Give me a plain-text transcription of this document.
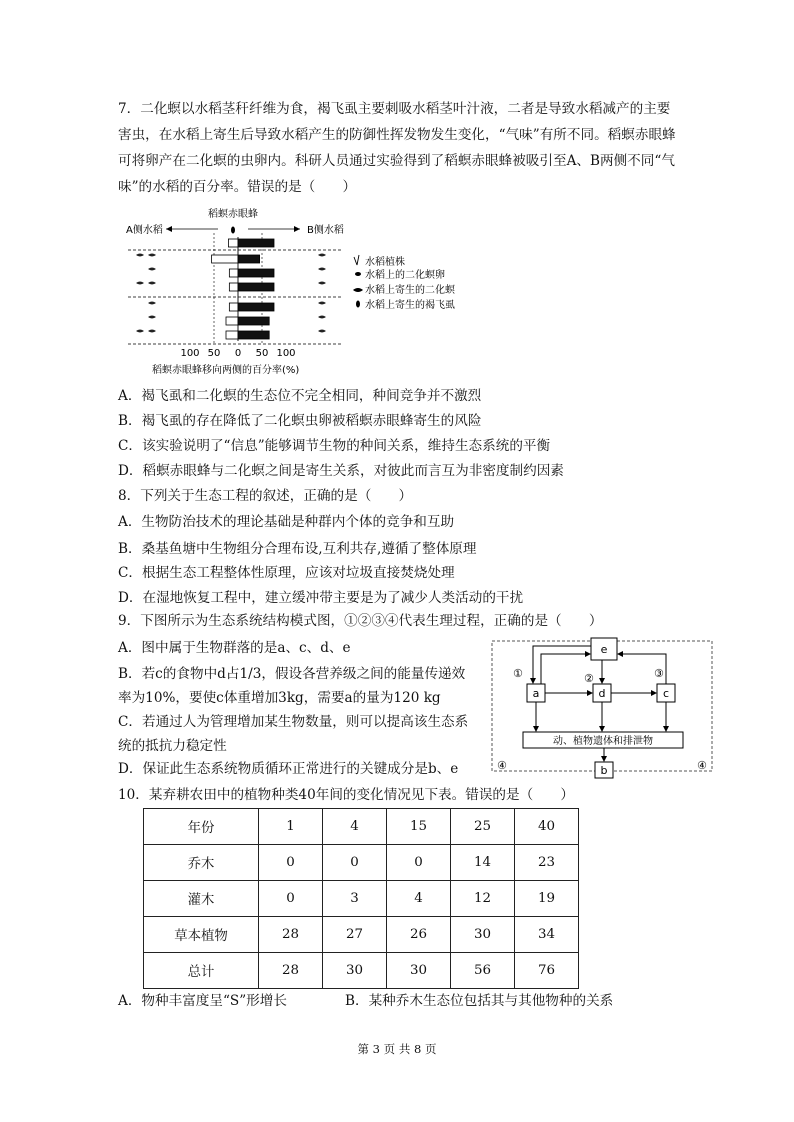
7．二化螟以水稻茎秆纤维为食，褐飞虱主要刺吸水稻茎叶汁液，二者是导致水稻减产的主要害虫，在水稻上寄生后导致水稻产生的防御性挥发物发生变化，“气味”有所不同。稻螟赤眼蜂可将卵产在二化螟的虫卵内。科研人员通过实验得到了稻螟赤眼蜂被吸引至A、B两侧不同“气味”的水稻的百分率。错误的是（　　）
稻螟赤眼蜂
A侧水稻	B侧水稻
水稻植株
水稻上的二化螟卵
水稻上寄生的二化螟
水稻上寄生的褐飞虱
100 50 0 50 100
稻螟赤眼蜂移向两侧的百分率(%)
A．褐飞虱和二化螟的生态位不完全相同，种间竞争并不激烈
B．褐飞虱的存在降低了二化螟虫卵被稻螟赤眼蜂寄生的风险
C．该实验说明了“信息”能够调节生物的种间关系，维持生态系统的平衡
D．稻螟赤眼蜂与二化螟之间是寄生关系，对彼此而言互为非密度制约因素
8．下列关于生态工程的叙述，正确的是（　　）
A．生物防治技术的理论基础是种群内个体的竞争和互助
B．桑基鱼塘中生物组分合理布设,互利共存,遵循了整体原理
C．根据生态工程整体性原理，应该对垃圾直接焚烧处理
D．在湿地恢复工程中，建立缓冲带主要是为了减少人类活动的干扰
9．下图所示为生态系统结构模式图，①②③④代表生理过程，正确的是（　　）
A．图中属于生物群落的是a、c、d、e
B．若c的食物中d占1/3，假设各营养级之间的能量传递效率为10%，要使c体重增加3kg，需要a的量为120 kg
C．若通过人为管理增加某生物数量，则可以提高该生态系统的抵抗力稳定性
D．保证此生态系统物质循环正常进行的关键成分是b、e
e
a	d	c
动、植物遗体和排泄物
b
①	②	③
④	④
10．某弃耕农田中的植物种类40年间的变化情况见下表。错误的是（　　）
年份	1	4	15	25	40
乔木	0	0	0	14	23
灌木	0	3	4	12	19
草本植物	28	27	26	30	34
总计	28	30	30	56	76
A．物种丰富度呈“S”形增长	B．某种乔木生态位包括其与其他物种的关系
第 3 页 共 8 页
